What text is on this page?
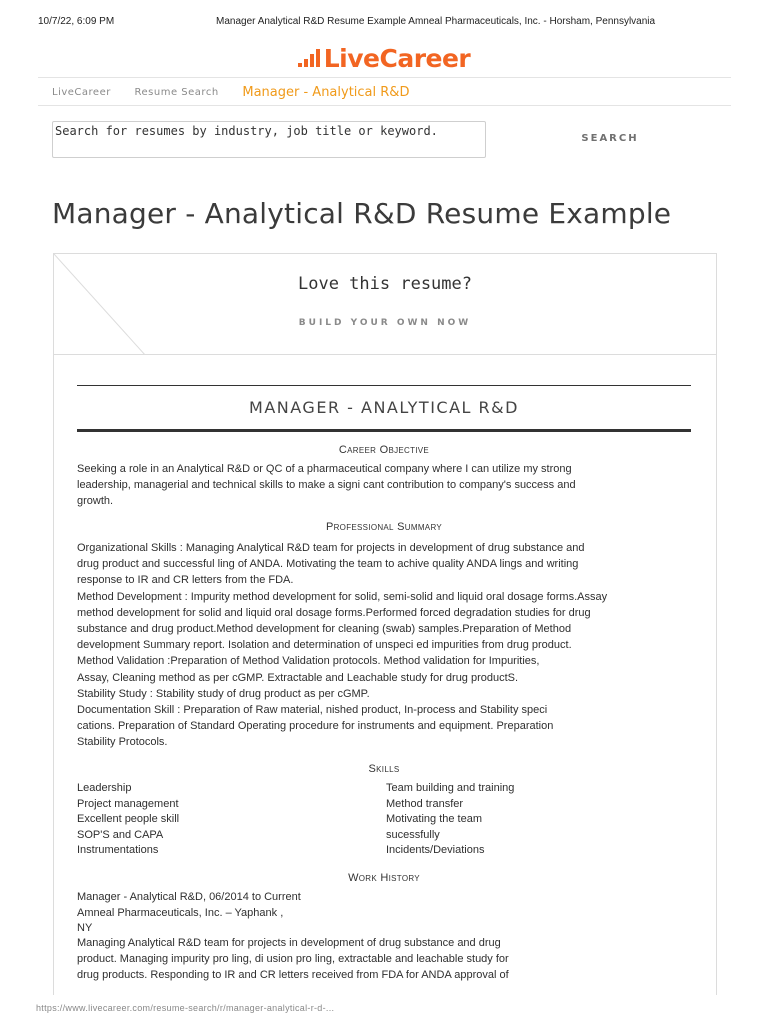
10/7/22, 6:09 PM	Manager Analytical R&D Resume Example Amneal Pharmaceuticals, Inc. - Horsham, Pennsylvania
LiveCareer
LiveCareer Resume Search Manager - Analytical R&D
Search for resumes by industry, job title or keyword.
SEARCH
Manager - Analytical R&D Resume Example
Love this resume?
BUILD YOUR OWN NOW
MANAGER - ANALYTICAL R&D
Career Objective
Seeking a role in an Analytical R&D or QC of a pharmaceutical company where I can utilize my strong
leadership, managerial and technical skills to make a signi cant contribution to company's success and
growth.
Professional Summary
Organizational Skills : Managing Analytical R&D team for projects in development of drug substance and
drug product and successful ling of ANDA. Motivating the team to achive quality ANDA lings and writing
response to IR and CR letters from the FDA.
Method Development : Impurity method development for solid, semi-solid and liquid oral dosage forms.Assay
method development for solid and liquid oral dosage forms.Performed forced degradation studies for drug
substance and drug product.Method development for cleaning (swab) samples.Preparation of Method
development Summary report. Isolation and determination of unspeci ed impurities from drug product.
Method Validation :Preparation of Method Validation protocols. Method validation for Impurities,
Assay, Cleaning method as per cGMP. Extractable and Leachable study for drug productS.
Stability Study : Stability study of drug product as per cGMP.
Documentation Skill : Preparation of Raw material, nished product, In-process and Stability speci
cations. Preparation of Standard Operating procedure for instruments and equipment. Preparation
Stability Protocols.
Skills
Leadership
Project management
Excellent people skill
SOP'S and CAPA
Instrumentations
Team building and training
Method transfer
Motivating the team
sucessfully
Incidents/Deviations
Work History
Manager - Analytical R&D, 06/2014 to Current
Amneal Pharmaceuticals, Inc. – Yaphank ,
NY
Managing Analytical R&D team for projects in development of drug substance and drug
product. Managing impurity pro ling, di usion pro ling, extractable and leachable study for
drug products. Responding to IR and CR letters received from FDA for ANDA approval of
https://www.livecareer.com/resume-search/r/manager-analytical-r-d-...
